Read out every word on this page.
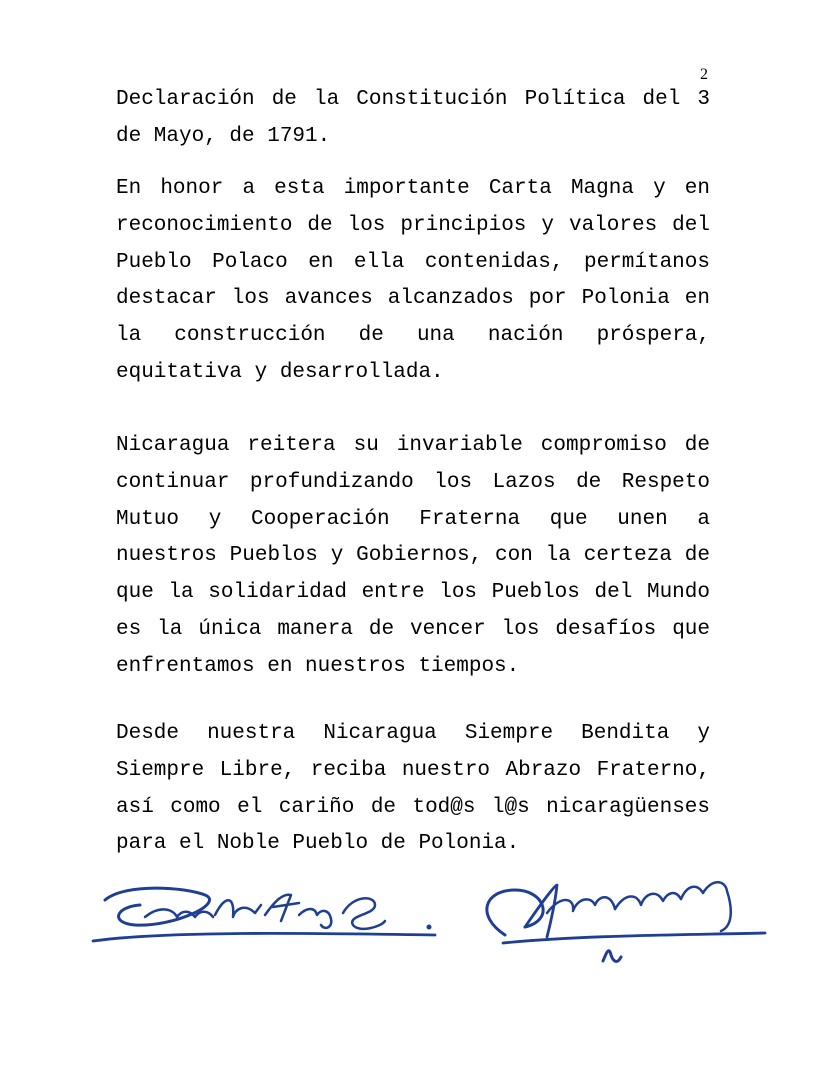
2

Declaración de la Constitución Política del 3 de Mayo, de 1791.

En honor a esta importante Carta Magna y en reconocimiento de los principios y valores del Pueblo Polaco en ella contenidas, permítanos destacar los avances alcanzados por Polonia en la construcción de una nación próspera, equitativa y desarrollada.

Nicaragua reitera su invariable compromiso de continuar profundizando los Lazos de Respeto Mutuo y Cooperación Fraterna que unen a nuestros Pueblos y Gobiernos, con la certeza de que la solidaridad entre los Pueblos del Mundo es la única manera de vencer los desafíos que enfrentamos en nuestros tiempos.

Desde nuestra Nicaragua Siempre Bendita y Siempre Libre, reciba nuestro Abrazo Fraterno, así como el cariño de tod@s l@s nicaragüenses para el Noble Pueblo de Polonia.
